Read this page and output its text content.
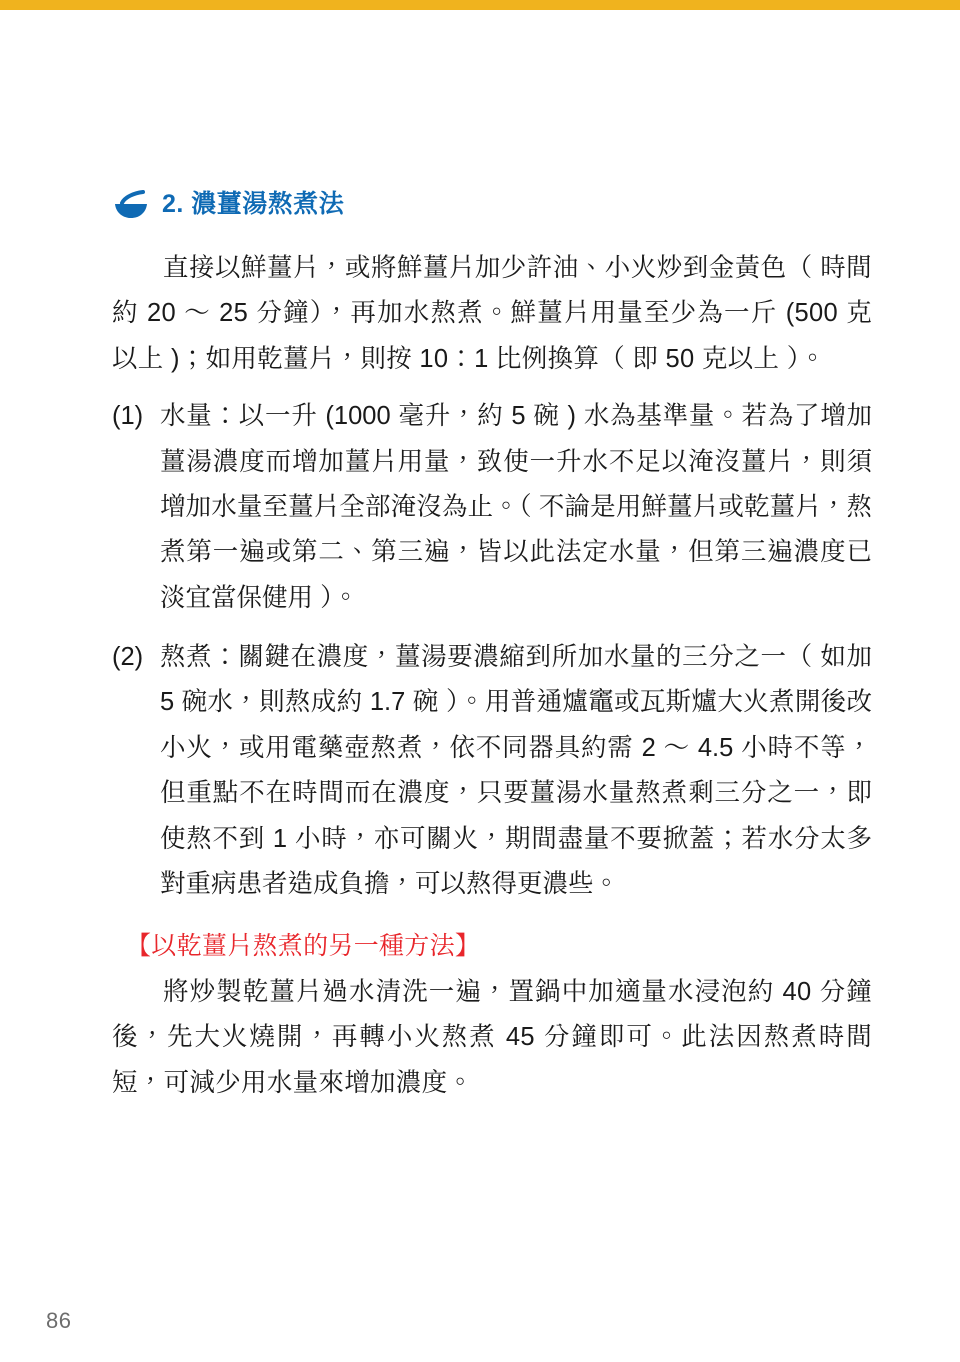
2. 濃薑湯熬煮法

直接以鮮薑片，或將鮮薑片加少許油、小火炒到金黃色（ 時間約 20 ～ 25 分鐘），再加水熬煮。鮮薑片用量至少為一斤 (500 克以上 )；如用乾薑片，則按 10：1 比例換算（ 即 50 克以上 ）。

(1) 水量：以一升 (1000 毫升，約 5 碗 ) 水為基準量。若為了增加薑湯濃度而增加薑片用量，致使一升水不足以淹沒薑片，則須增加水量至薑片全部淹沒為止。（ 不論是用鮮薑片或乾薑片，熬煮第一遍或第二、第三遍，皆以此法定水量，但第三遍濃度已淡宜當保健用 ）。
(2) 熬煮：關鍵在濃度，薑湯要濃縮到所加水量的三分之一（ 如加 5 碗水，則熬成約 1.7 碗 ）。用普通爐竈或瓦斯爐大火煮開後改小火，或用電藥壺熬煮，依不同器具約需 2 ～ 4.5 小時不等，但重點不在時間而在濃度，只要薑湯水量熬煮剩三分之一，即使熬不到 1 小時，亦可關火，期間盡量不要掀蓋；若水分太多對重病患者造成負擔，可以熬得更濃些。

【以乾薑片熬煮的另一種方法】

將炒製乾薑片過水清洗一遍，置鍋中加適量水浸泡約 40 分鐘後，先大火燒開，再轉小火熬煮 45 分鐘即可。此法因熬煮時間短，可減少用水量來增加濃度。

86
